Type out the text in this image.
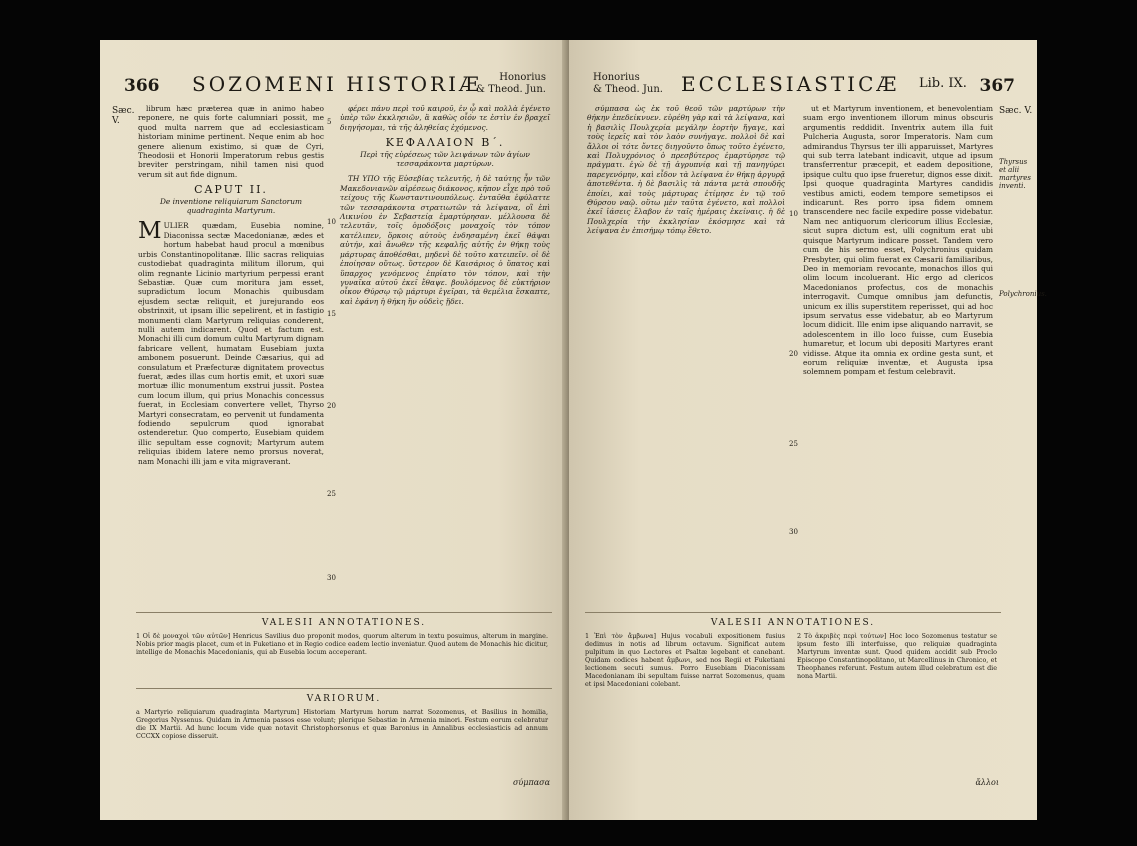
366 SOZOMENI HISTORIÆ Honorius
& Theod. Jun.
Sæc. V.

librum hæc præterea quæ in animo habeo reponere, ne quis forte calumniari possit, me quod multa narrem que ad ecclesiasticam historiam minime pertinent. Neque enim ab hoc genere alienum existimo, si quæ de Cyri, Theodosii et Honorii Imperatorum rebus gestis breviter perstringam, nihil tamen nisi quod verum sit aut fide dignum.

CAPUT II.
De inventione reliquiarum Sanctorum quadraginta Martyrum.

MULIER quædam, Eusebia nomine, Diaconissa sectæ Macedonianæ, ædes et hortum habebat haud procul a mœnibus urbis Constantinopolitanæ. Illic sacras reliquias custodiebat quadraginta militum illorum, qui olim regnante Licinio martyrium perpessi erant Sebastiæ. Quæ cum moritura jam esset, supradictum locum Monachis quibusdam ejusdem sectæ reliquit, et jurejurando eos obstrinxit, ut ipsam illic sepelirent, et in fastigio monumenti clam Martyrum reliquias conderent, nulli autem indicarent. Quod et factum est. Monachi illi cum domum cultu Martyrum dignam fabricare vellent, humatam Eusebiam juxta ambonem posuerunt. Deinde Cæsarius, qui ad consulatum et Præfecturæ dignitatem provectus fuerat, ædes illas cum hortis emit, et uxori suæ mortuæ illic monumentum exstrui jussit. Postea cum locum illum, qui prius Monachis concessus fuerat, in Ecclesiam convertere vellet, Thyrso Martyri consecratam, eo pervenit ut fundamenta fodiendo sepulcrum quod ignorabat ostenderetur. Quo comperto, Eusebiam quidem illic sepultam esse cognovit; Martyrum autem reliquias ibidem latere nemo prorsus noverat, nam Monachi illi jam e vita migraverant.

5
10
15
20
25
30

φέρει πάνυ περὶ τοῦ καιροῦ, ἐν ᾧ καὶ πολλὰ ἐγένετο ὑπὲρ τῶν ἐκκλησιῶν, ἃ καθὼς οἷόν τε ἐστὶν ἐν βραχεῖ διηγήσομαι, τὰ τῆς ἀληθείας ἐχόμενος.

ΚΕΦΑΛΑΙΟΝ Β΄.
Περὶ τῆς εὑρέσεως τῶν λειψάνων τῶν ἁγίων τεσσαράκοντα μαρτύρων.

ΤΗ ΥΠΟ τῆς Εὐσεβίας τελευτῆς, ἡ δὲ ταύτης ἦν τῶν Μακεδονιανῶν αἱρέσεως διάκονος, κῆπον εἶχε πρὸ τοῦ τείχους τῆς Κωνσταντινουπόλεως. ἐνταῦθα ἐφύλαττε τῶν τεσσαράκοντα στρατιωτῶν τὰ λείψανα, οἳ ἐπὶ Λικινίου ἐν Σεβαστείᾳ ἐμαρτύρησαν. μέλλουσα δὲ τελευτᾶν, τοῖς ὁμοδόξοις μοναχοῖς τὸν τόπον κατέλιπεν, ὅρκοις αὐτοὺς ἐνδησαμένη ἐκεῖ θάψαι αὐτήν, καὶ ἄνωθεν τῆς κεφαλῆς αὐτῆς ἐν θήκῃ τοὺς μάρτυρας ἀποθέσθαι, μηδενὶ δὲ τοῦτο κατειπεῖν. οἱ δὲ ἐποίησαν οὕτως. ὕστερον δὲ Καισάριος ὁ ὕπατος καὶ ὕπαρχος γενόμενος ἐπρίατο τὸν τόπον, καὶ τὴν γυναῖκα αὐτοῦ ἐκεῖ ἔθαψε. βουλόμενος δὲ εὐκτήριον οἶκον Θύρσῳ τῷ μάρτυρι ἐγεῖραι, τὰ θεμέλια ἔσκαπτε, καὶ ἐφάνη ἡ θήκη ἣν οὐδεὶς ᾔδει.

VALESII ANNOTATIONES.
1 Οἱ δὲ μοναχοὶ τῶν αὐτῶν] Henricus Savilius duo proponit modos, quorum alterum in textu posuimus, alterum in margine. Nobis prior magis placet, cum et in Fuketiano et in Regio codice eadem lectio inveniatur. Quod autem de Monachis hic dicitur, intellige de Monachis Macedonianis, qui ab Eusebia locum acceperant.
VARIORUM.
a Martyrio reliquiarum quadraginta Martyrum] Historiam Martyrum horum narrat Sozomenus, et Basilius in homilia, Gregorius Nyssenus. Quidam in Armenia passos esse volunt; plerique Sebastiæ in Armenia minori. Festum eorum celebratur die IX Martii. Ad hunc locum vide quæ notavit Christophorsonus et quæ Baronius in Annalibus ecclesiasticis ad annum CCCXX copiose disseruit.
σύμπασα
Honorius
& Theod. Jun. ECCLESIASTICÆ Lib. IX. 367

σύμπασα ὡς ἐκ τοῦ θεοῦ τῶν μαρτύρων τὴν θήκην ἐπεδείκνυεν. εὑρέθη γὰρ καὶ τὰ λείψανα, καὶ ἡ βασιλὶς Πουλχερία μεγάλην ἑορτὴν ἤγαγε, καὶ τοὺς ἱερεῖς καὶ τὸν λαὸν συνήγαγε. πολλοὶ δὲ καὶ ἄλλοι οἱ τότε ὄντες διηγοῦντο ὅπως τοῦτο ἐγένετο, καὶ Πολυχρόνιος ὁ πρεσβύτερος ἐμαρτύρησε τῷ πράγματι. ἐγὼ δὲ τῇ ἀγρυπνίᾳ καὶ τῇ πανηγύρει παρεγενόμην, καὶ εἶδον τὰ λείψανα ἐν θήκῃ ἀργυρᾷ ἀποτεθέντα. ἡ δὲ βασιλὶς τὰ πάντα μετὰ σπουδῆς ἐποίει, καὶ τοὺς μάρτυρας ἐτίμησε ἐν τῷ τοῦ Θύρσου ναῷ. οὕτω μὲν ταῦτα ἐγένετο, καὶ πολλοὶ ἐκεῖ ἰάσεις ἔλαβον ἐν ταῖς ἡμέραις ἐκείναις. ἡ δὲ Πουλχερία τὴν ἐκκλησίαν ἐκόσμησε καὶ τὰ λείψανα ἐν ἐπισήμῳ τόπῳ ἔθετο.

10
20
25
30

ut et Martyrum inventionem, et benevolentiam suam ergo inventionem illorum minus obscuris argumentis reddidit. Inventrix autem illa fuit Pulcheria Augusta, soror Imperatoris. Nam cum admirandus Thyrsus ter illi apparuisset, Martyres qui sub terra latebant indicavit, utque ad ipsum transferrentur præcepit, et eadem depositione, ipsique cultu quo ipse frueretur, dignos esse dixit. Ipsi quoque quadraginta Martyres candidis vestibus amicti, eodem tempore semetipsos ei indicarunt. Res porro ipsa fidem omnem transcendere nec facile expedire posse videbatur. Nam nec antiquorum clericorum illius Ecclesiæ, sicut supra dictum est, ulli cognitum erat ubi quisque Martyrum indicare posset. Tandem vero cum de his sermo esset, Polychronius quidam Presbyter, qui olim fuerat ex Cæsarii familiaribus, Deo in memoriam revocante, monachos illos qui olim locum incoluerant. Hic ergo ad clericos Macedonianos profectus, cos de monachis interrogavit. Cumque omnibus jam defunctis, unicum ex illis superstitem reperisset, qui ad hoc ipsum servatus esse videbatur, ab eo Martyrum locum didicit. Ille enim ipse aliquando narravit, se adolescentem in illo loco fuisse, cum Eusebia humaretur, et locum ubi depositi Martyres erant vidisse. Atque ita omnia ex ordine gesta sunt, et eorum reliquiæ inventæ, et Augusta ipsa solemnem pompam et festum celebravit.

Sæc. V.
Thyrsus et alii martyres inventi.
Polychronius.
VALESII ANNOTATIONES.
1 Ἐπὶ τὸν ἄμβωνα] Hujus vocabuli expositionem fusius dedimus in notis ad librum octavum. Significat autem pulpitum in quo Lectores et Psaltæ legebant et canebant. Quidam codices habent ἄμβωνι, sed nos Regii et Fuketiani lectionem secuti sumus. Porro Eusebiam Diaconissam Macedonianam ibi sepultam fuisse narrat Sozomenus, quam et ipsi Macedoniani colebant.
2 Τὸ ἀκριβὲς περὶ τούτων] Hoc loco Sozomenus testatur se ipsum festo illi interfuisse, quo reliquiæ quadraginta Martyrum inventæ sunt. Quod quidem accidit sub Proclo Episcopo Constantinopolitano, ut Marcellinus in Chronico, et Theophanes referunt. Festum autem illud celebratum est die nona Martii.
ἄλλοι
